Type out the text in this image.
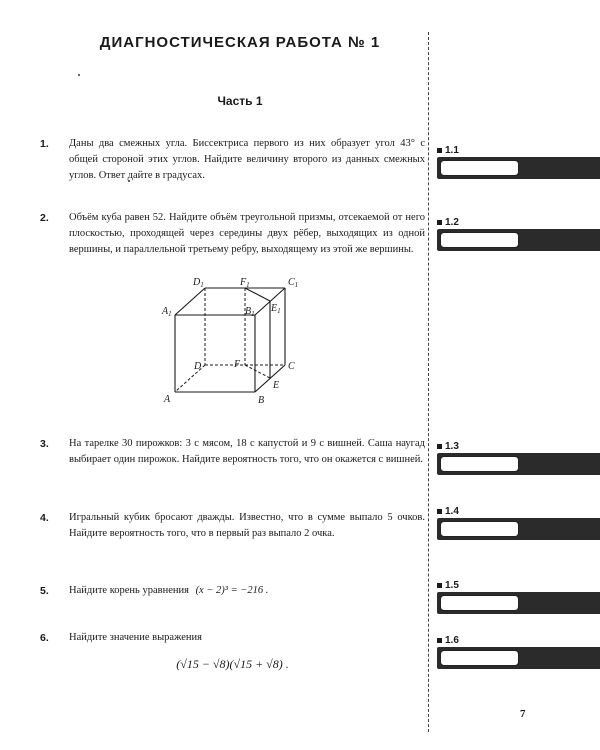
ДИАГНОСТИЧЕСКАЯ РАБОТА № 1
Часть 1
1. Даны два смежных угла. Биссектриса первого из них образует угол 43° с общей стороной этих углов. Найдите величину второго из данных смежных углов. Ответ дайте в градусах.
2. Объём куба равен 52. Найдите объём треугольной призмы, отсекаемой от него плоскостью, проходящей через середины двух рёбер, выходящих из одной вершины, и параллельной третьему ребру, выходящему из этой же вершины.
$D_1$	$F_1$	$C_1$
$A_1$	$B_1$ $E_1$
D	F	C
E
A	B
3. На тарелке 30 пирожков: 3 с мясом, 18 с капустой и 9 с вишней. Саша наугад выбирает один пирожок. Найдите вероятность того, что он окажется с вишней.
4. Игральный кубик бросают дважды. Известно, что в сумме выпало 5 очков. Найдите вероятность того, что в первый раз выпало 2 очка.
5. Найдите корень уравнения (x − 2)³ = −216 .
6. Найдите значение выражения
(√15 − √8)(√15 + √8) .
1.1
1.2
1.3
1.4
1.5
1.6
7
